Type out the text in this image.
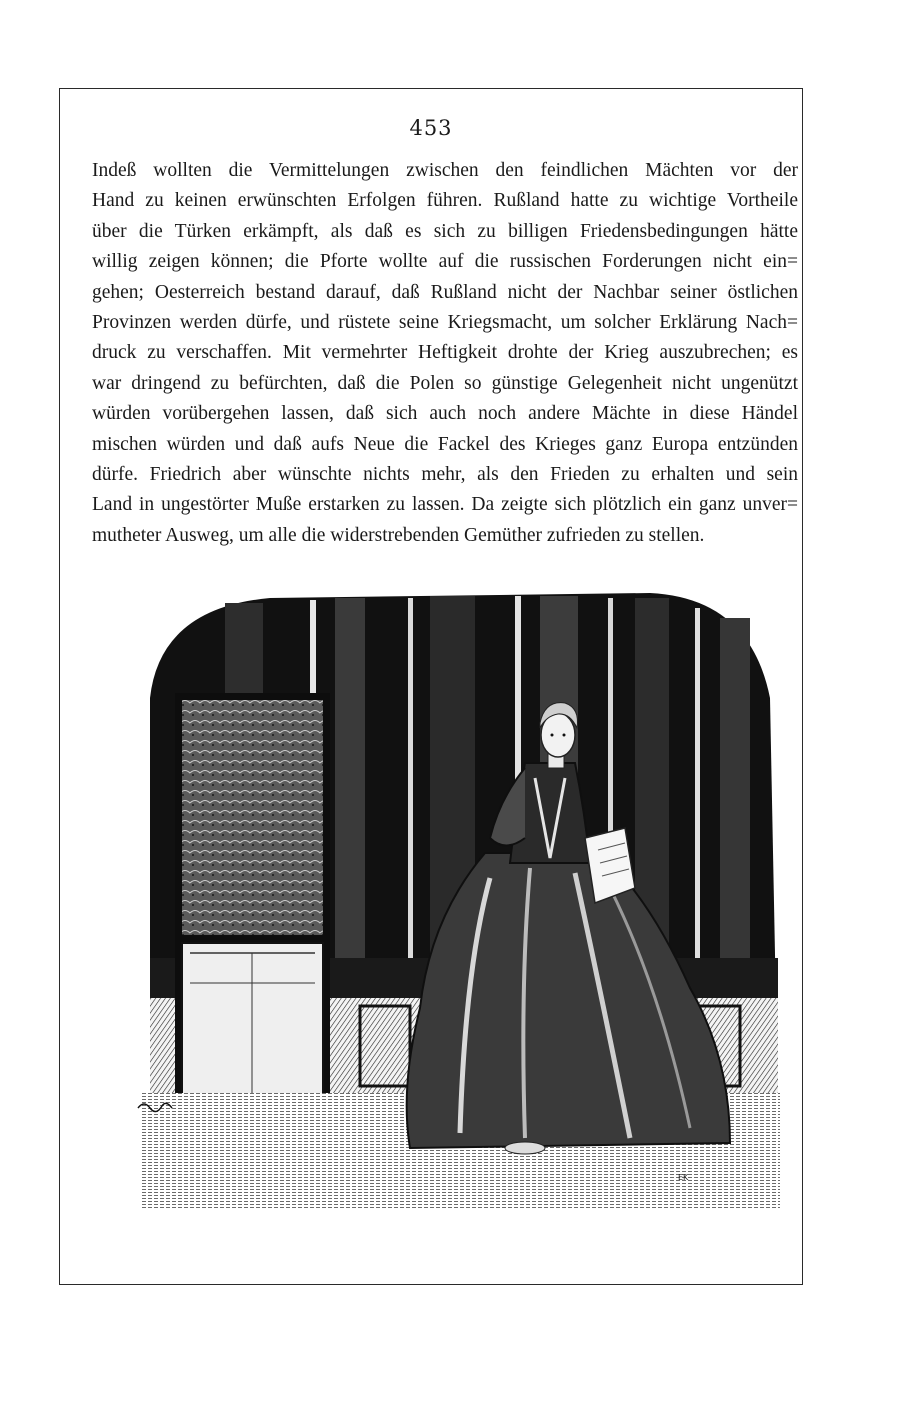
453
Indeß wollten die Vermittelungen zwischen den feindlichen Mächten vor der
Hand zu keinen erwünschten Erfolgen führen. Rußland hatte zu wichtige Vortheile
über die Türken erkämpft, als daß es sich zu billigen Friedensbedingungen hätte
willig zeigen können; die Pforte wollte auf die russischen Forderungen nicht ein=
gehen; Oesterreich bestand darauf, daß Rußland nicht der Nachbar seiner östlichen
Provinzen werden dürfe, und rüstete seine Kriegsmacht, um solcher Erklärung Nach=
druck zu verschaffen. Mit vermehrter Heftigkeit drohte der Krieg auszubrechen; es
war dringend zu befürchten, daß die Polen so günstige Gelegenheit nicht ungenützt
würden vorübergehen lassen, daß sich auch noch andere Mächte in diese Händel
mischen würden und daß aufs Neue die Fackel des Krieges ganz Europa entzünden
dürfe. Friedrich aber wünschte nichts mehr, als den Frieden zu erhalten und sein
Land in ungestörter Muße erstarken zu lassen. Da zeigte sich plötzlich ein ganz unver=
mutheter Ausweg, um alle die widerstrebenden Gemüther zufrieden zu stellen.
EK
